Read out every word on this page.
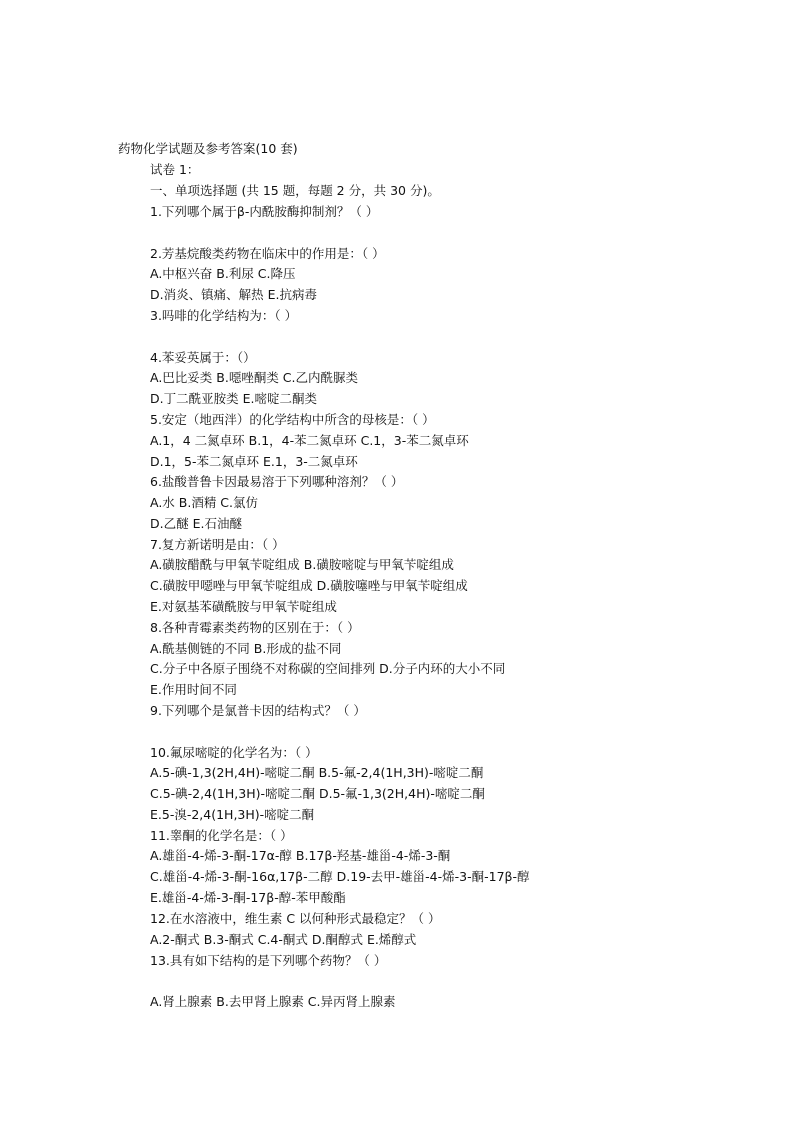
药物化学试题及参考答案(10 套)
试卷 1：
一、单项选择题 (共 15 题，每题 2 分，共 30 分)。
1.下列哪个属于β-内酰胺酶抑制剂？（ ）
2.芳基烷酸类药物在临床中的作用是：（ ）
A.中枢兴奋 B.利尿 C.降压
D.消炎、镇痛、解热 E.抗病毒
3.吗啡的化学结构为：（ ）
4.苯妥英属于：（）
A.巴比妥类 B.噁唑酮类 C.乙内酰脲类
D.丁二酰亚胺类 E.嘧啶二酮类
5.安定（地西泮）的化学结构中所含的母核是：（ ）
A.1，4 二氮卓环 B.1，4-苯二氮卓环 C.1，3-苯二氮卓环
D.1，5-苯二氮卓环 E.1，3-二氮卓环
6.盐酸普鲁卡因最易溶于下列哪种溶剂？（ ）
A.水 B.酒精 C.氯仿
D.乙醚 E.石油醚
7.复方新诺明是由：（ ）
A.磺胺醋酰与甲氧苄啶组成 B.磺胺嘧啶与甲氧苄啶组成
C.磺胺甲噁唑与甲氧苄啶组成 D.磺胺噻唑与甲氧苄啶组成
E.对氨基苯磺酰胺与甲氧苄啶组成
8.各种青霉素类药物的区别在于：（ ）
A.酰基侧链的不同 B.形成的盐不同
C.分子中各原子围绕不对称碳的空间排列 D.分子内环的大小不同
E.作用时间不同
9.下列哪个是氯普卡因的结构式？（ ）
10.氟尿嘧啶的化学名为：（ ）
A.5-碘-1,3(2H,4H)-嘧啶二酮 B.5-氟-2,4(1H,3H)-嘧啶二酮
C.5-碘-2,4(1H,3H)-嘧啶二酮 D.5-氟-1,3(2H,4H)-嘧啶二酮
E.5-溴-2,4(1H,3H)-嘧啶二酮
11.睾酮的化学名是：（ ）
A.雄甾-4-烯-3-酮-17α-醇 B.17β-羟基-雄甾-4-烯-3-酮
C.雄甾-4-烯-3-酮-16α,17β-二醇 D.19-去甲-雄甾-4-烯-3-酮-17β-醇
E.雄甾-4-烯-3-酮-17β-醇-苯甲酸酯
12.在水溶液中，维生素 C 以何种形式最稳定？（ ）
A.2-酮式 B.3-酮式 C.4-酮式 D.酮醇式 E.烯醇式
13.具有如下结构的是下列哪个药物？（ ）
A.肾上腺素 B.去甲肾上腺素 C.异丙肾上腺素
